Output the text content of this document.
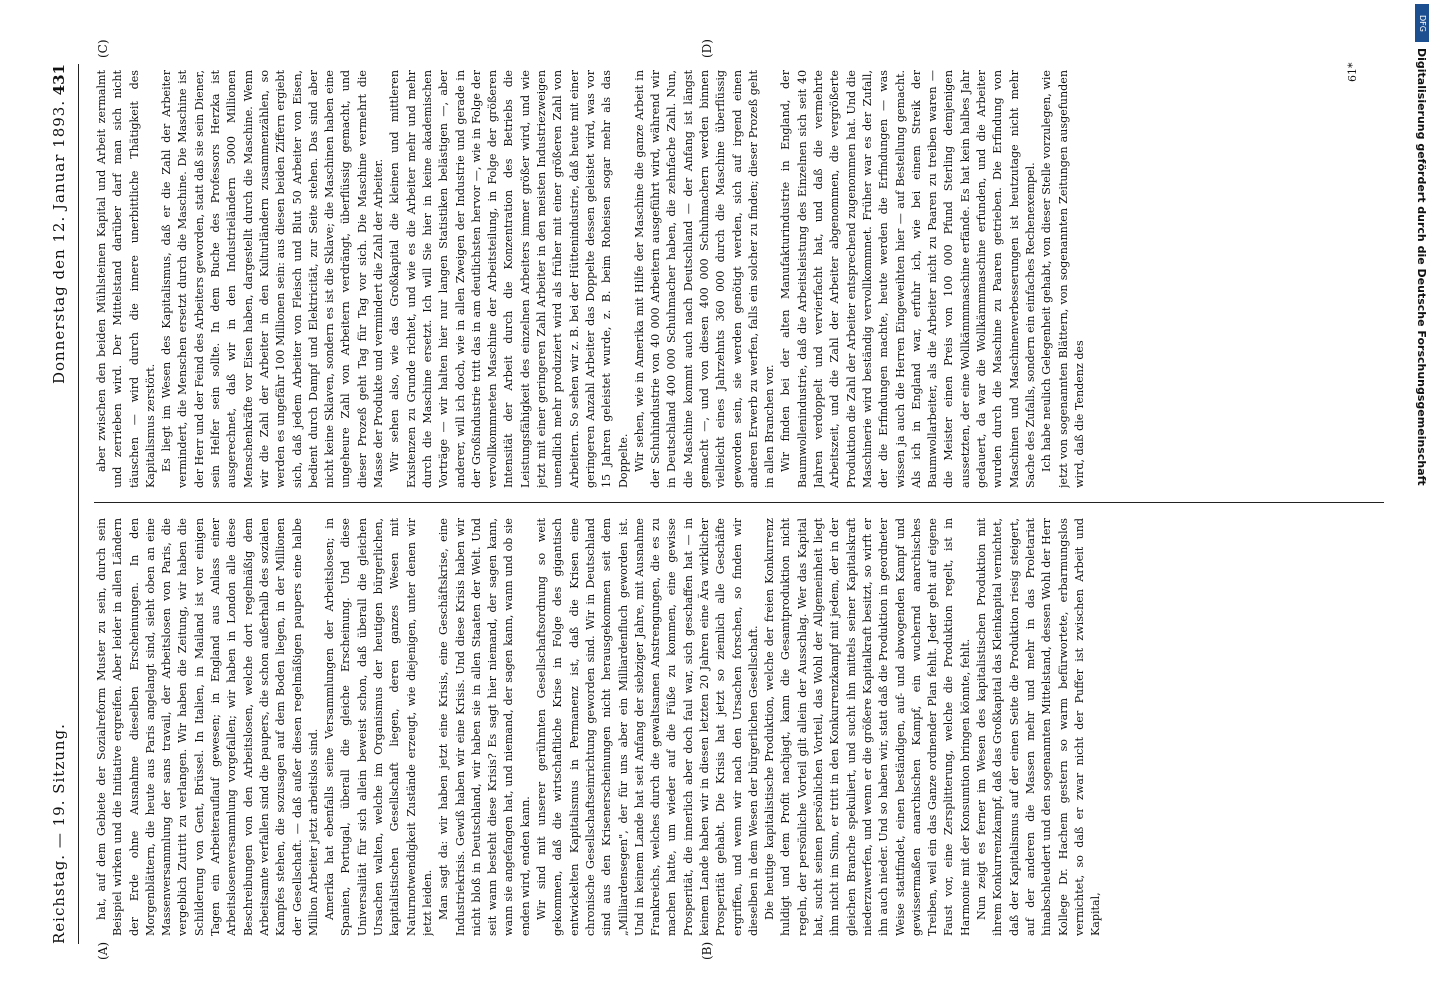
Reichstag. — 19. Sitzung.
Donnerstag den 12. Januar 1893.
431

hat, auf dem Gebiete der Sozialreform Muster zu sein, durch sein Beispiel wirken und die Initiative ergreifen. Aber leider in allen Ländern der Erde ohne Ausnahme dieselben Erscheinungen. In den Morgenblättern, die heute aus Paris angelangt sind, sieht oben an eine Massenversammlung der sans travail, der Arbeitslosen von Paris, die vergeblich Zutritt zu verlangen. Wir haben die Zeitung, wir haben die Schilderung von Gent, Brüssel. In Italien, in Mailand ist vor einigen Tagen ein Arbeiterauflauf gewesen; in England aus Anlass einer Arbeitslosenversammlung vorgefallen; wir haben in London alle diese Beschreibungen von den Arbeitslosen, welche dort regelmäßig dem Arbeitsamte verfallen sind die paupers, die schon außerhalb des sozialen Kampfes stehen, die sozusagen auf dem Boden liegen, in der Millionen der Gesellschaft. — daß außer diesen regelmäßigen paupers eine halbe Million Arbeiter jetzt arbeitslos sind. Amerika hat ebenfalls seine Versammlungen der Arbeitslosen; in Spanien, Portugal, überall die gleiche Erscheinung. Und diese Universalität für sich allein beweist schon, daß überall die gleichen Ursachen walten, welche im Organismus der heutigen bürgerlichen, kapitalistischen Gesellschaft liegen, deren ganzes Wesen mit Naturnotwendigkeit Zustände erzeugt, wie diejenigen, unter denen wir jetzt leiden. Man sagt da: wir haben jetzt eine Krisis, eine Geschäftskrise, eine Industriekrisis. Gewiß haben wir eine Krisis. Und diese Krisis haben wir nicht bloß in Deutschland, wir haben sie in allen Staaten der Welt. Und seit wann besteht diese Krisis? Es sagt hier niemand, der sagen kann, wann sie angefangen hat, und niemand, der sagen kann, wann und ob sie enden wird, enden kann. Wir sind mit unserer gerühmten Gesellschaftsordnung so weit gekommen, daß die wirtschaftliche Krise in Folge des gigantisch entwickelten Kapitalismus in Permanenz ist, daß die Krisen eine chronische Gesellschaftseinrichtung geworden sind. Wir in Deutschland sind aus den Krisenerscheinungen nicht herausgekommen seit dem „Milliardensegen", der für uns aber ein Milliardenfluch geworden ist. Und in keinem Lande hat seit Anfang der siebziger Jahre, mit Ausnahme Frankreichs, welches durch die gewaltsamen Anstrengungen, die es zu machen hatte, um wieder auf die Füße zu kommen, eine gewisse Prosperität, die innerlich aber doch faul war, sich geschaffen hat — in keinem Lande haben wir in diesen letzten 20 Jahren eine Ära wirklicher Prosperität gehabt. Die Krisis hat jetzt so ziemlich alle Geschäfte ergriffen, und wenn wir nach den Ursachen forschen, so finden wir dieselben in dem Wesen der bürgerlichen Gesellschaft. Die heutige kapitalistische Produktion, welche der freien Konkurrenz huldigt und dem Profit nachjagt, kann die Gesamtproduktion nicht regeln, der persönliche Vorteil gilt allein der Ausschlag. Wer das Kapital hat, sucht seinen persönlichen Vorteil, das Wohl der Allgemeinheit liegt ihm nicht im Sinn, er tritt in den Konkurrenzkampf mit jedem, der in der gleichen Branche spekuliert, und sucht ihn mittels seiner Kapitalskraft niederzuwerfen, und wenn er die größere Kapitalkraft besitzt, so wirft er ihn auch nieder. Und so haben wir, statt daß die Produktion in geordneter Weise stattfindet, einen beständigen, auf- und abwogenden Kampf und gewissermaßen anarchischen Kampf, ein wuchernd anarchisches Treiben, weil ein das Ganze ordnender Plan fehlt. Jeder geht auf eigene Faust vor, eine Zersplitterung, welche die Produktion regelt, ist in Harmonie mit der Konsumtion bringen könnte, fehlt. Nun zeigt es ferner im Wesen des kapitalistischen Produktion mit ihrem Konkurrenzkampf, daß das Großkapital das Kleinkapital vernichtet, daß der Kapitalismus auf der einen Seite die Produktion riesig steigert, auf der anderen die Massen mehr und mehr in das Proletariat hinabschleudert und den sogenannten Mittelstand, dessen Wohl der Herr Kollege Dr. Hachem gestern so warm befürwortete, erbarmungslos vernichtet, so daß er zwar nicht der Puffer ist zwischen Arbeit und Kapital,

aber zwischen den beiden Mühlsteinen Kapital und Arbeit zermalmt und zerrieben wird. Der Mittelstand darüber darf man sich nicht täuschen — wird durch die innere unerbittliche Thätigkeit des Kapitalismus zerstört. Es liegt im Wesen des Kapitalismus, daß er die Zahl der Arbeiter vermindert, die Menschen ersetzt durch die Maschine. Die Maschine ist der Herr und der Feind des Arbeiters geworden, statt daß sie sein Diener, sein Helfer sein sollte. In dem Buche des Professors Herzka ist ausgerechnet, daß wir in den Industrieländern 5000 Millionen Menschenkräfte vor Eisen haben, dargestellt durch die Maschine. Wenn wir die Zahl der Arbeiter in den Kulturländern zusammenzählen, so werden es ungefähr 100 Millionen sein: aus diesen beiden Ziffern ergiebt sich, daß jedem Arbeiter von Fleisch und Blut 50 Arbeiter von Eisen, bedient durch Dampf und Elektricität, zur Seite stehen. Das sind aber nicht keine Sklaven, sondern es ist die Sklave; die Maschinen haben eine ungeheure Zahl von Arbeitern verdrängt, überflüssig gemacht, und dieser Prozeß geht Tag für Tag vor sich. Die Maschine vermehrt die Masse der Produkte und vermindert die Zahl der Arbeiter. Wir sehen also, wie das Großkapital die kleinen und mittleren Existenzen zu Grunde richtet, und wie es die Arbeiter mehr und mehr durch die Maschine ersetzt. Ich will Sie hier in keine akademischen Vorträge — wir halten hier nur langen Statistiken belästigen —, aber anderer, will ich doch, wie in allen Zweigen der Industrie und gerade in der Großindustrie tritt das in am deutlichsten hervor —, wie in Folge der vervollkommneten Maschine der Arbeitsteilung, in Folge der größeren Intensität der Arbeit durch die Konzentration des Betriebs die Leistungsfähigkeit des einzelnen Arbeiters immer größer wird, und wie jetzt mit einer geringeren Zahl Arbeiter in den meisten Industriezweigen unendlich mehr produziert wird als früher mit einer größeren Zahl von Arbeitern. So sehen wir z. B. bei der Hüttenindustrie, daß heute mit einer geringeren Anzahl Arbeiter das Doppelte dessen geleistet wird, was vor 15 Jahren geleistet wurde, z. B. beim Roheisen sogar mehr als das Doppelte. Wir sehen, wie in Amerika mit Hilfe der Maschine die ganze Arbeit in der Schuhindustrie von 40 000 Arbeitern ausgeführt wird, während wir in Deutschland 400 000 Schuhmacher haben, die zehnfache Zahl. Nun, die Maschine kommt auch nach Deutschland — der Anfang ist längst gemacht —, und von diesen 400 000 Schuhmachern werden binnen vielleicht eines Jahrzehnts 360 000 durch die Maschine überflüssig geworden sein, sie werden genötigt werden, sich auf irgend einen anderen Erwerb zu werfen, falls ein solcher zu finden; dieser Prozeß geht in allen Branchen vor. Wir finden bei der alten Manufakturindustrie in England, der Baumwollenindustrie, daß die Arbeitsleistung des Einzelnen sich seit 40 Jahren verdoppelt und vervierfacht hat, und daß die vermehrte Arbeitszeit, und die Zahl der Arbeiter abgenommen, die vergrößerte Produktion die Zahl der Arbeiter entsprechend zugenommen hat. Und die Maschinerie wird beständig vervollkommnet. Früher war es der Zufall, der die Erfindungen machte, heute werden die Erfindungen — was wissen ja auch die Herren Eingeweihten hier — auf Bestellung gemacht. Als ich in England war, erfuhr ich, wie bei einem Streik der Baumwollarbeiter, als die Arbeiter nicht zu Paaren zu treiben waren — die Meister einen Preis von 100 000 Pfund Sterling demjenigen aussetzten, der eine Wollkämmmaschine erfände. Es hat kein halbes Jahr gedauert, da war die Wollkämmmaschine erfunden, und die Arbeiter wurden durch die Maschine zu Paaren getrieben. Die Erfindung von Maschinen und Maschinenverbesserungen ist heutzutage nicht mehr Sache des Zufalls, sondern ein einfaches Rechenexempel. Ich habe neulich Gelegenheit gehabt, von dieser Stelle vorzulegen, wie jetzt von sogenannten Blättern, von sogenannten Zeitungen ausgefunden wird, daß die Tendenz des

(A)	(B)
(C)	(D)
61*
DFG
Digitalisierung gefördert durch die Deutsche Forschungsgemeinschaft
